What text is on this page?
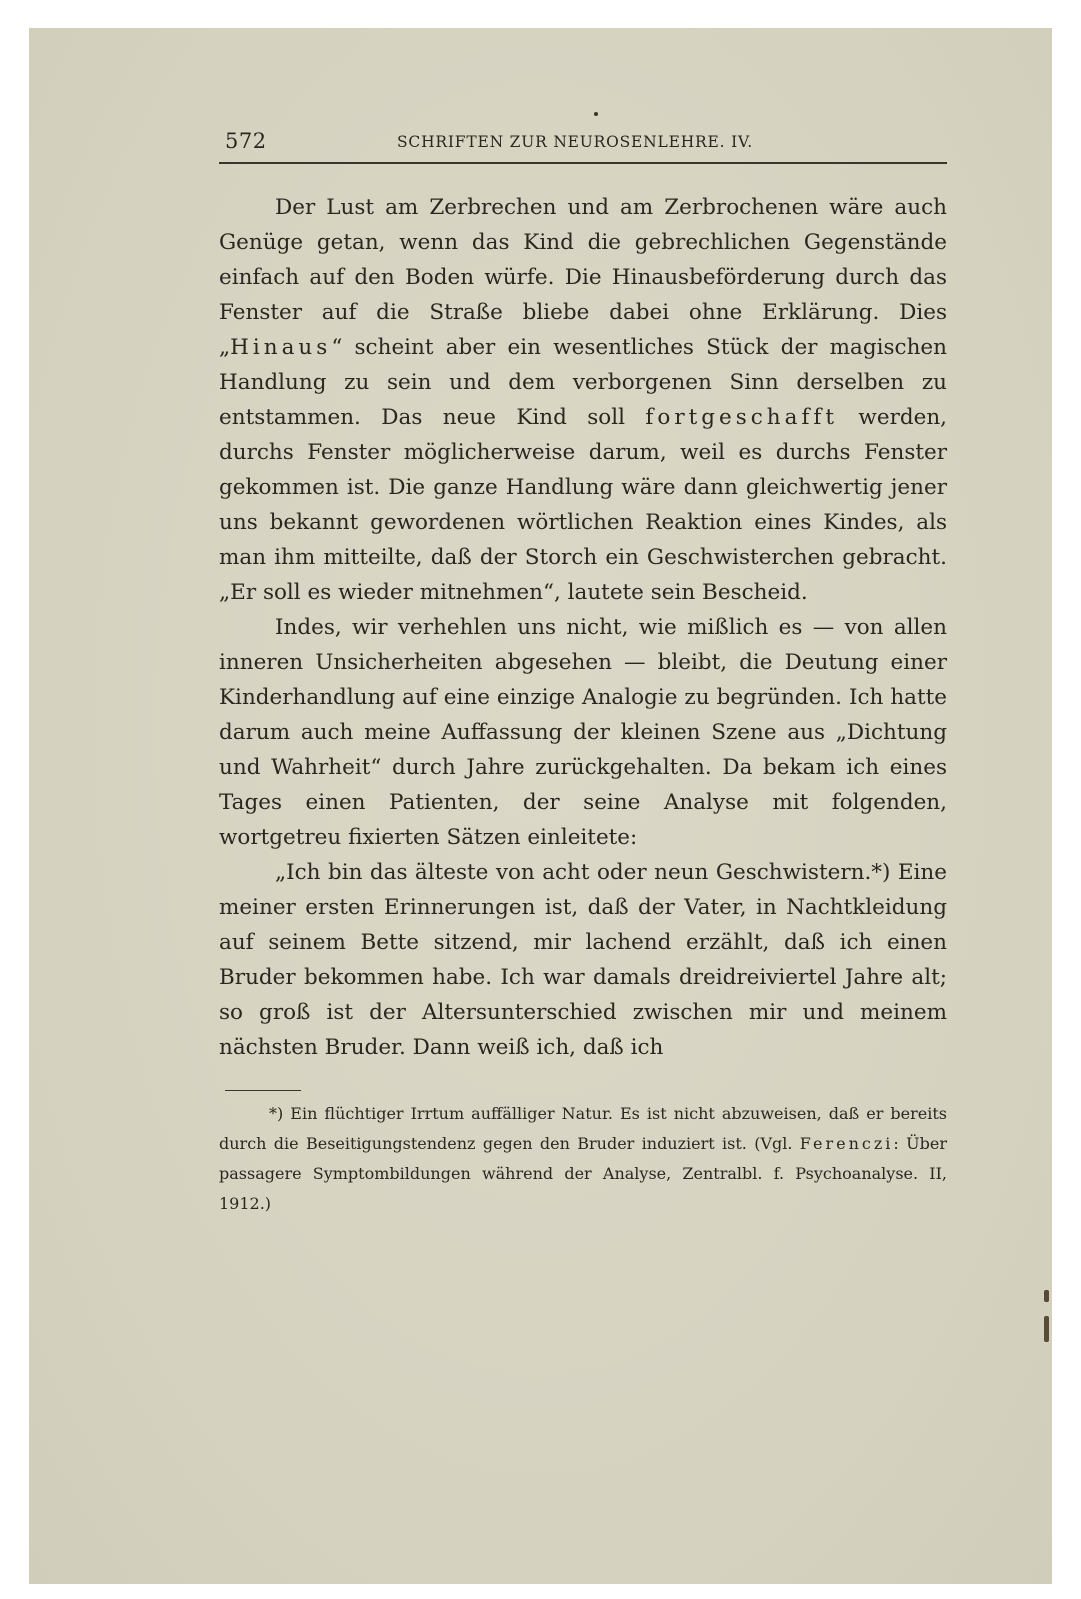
572	SCHRIFTEN ZUR NEUROSENLEHRE. IV.

Der Lust am Zerbrechen und am Zerbrochenen wäre auch Genüge getan, wenn das Kind die gebrechlichen Gegenstände einfach auf den Boden würfe. Die Hinausbeförderung durch das Fenster auf die Straße bliebe dabei ohne Erklärung. Dies „Hinaus“ scheint aber ein wesentliches Stück der magischen Handlung zu sein und dem verborgenen Sinn derselben zu entstammen. Das neue Kind soll fortgeschafft werden, durchs Fenster möglicherweise darum, weil es durchs Fenster gekommen ist. Die ganze Handlung wäre dann gleichwertig jener uns bekannt gewordenen wörtlichen Reaktion eines Kindes, als man ihm mitteilte, daß der Storch ein Geschwisterchen gebracht. „Er soll es wieder mitnehmen“, lautete sein Bescheid.

Indes, wir verhehlen uns nicht, wie mißlich es — von allen inneren Unsicherheiten abgesehen — bleibt, die Deutung einer Kinderhandlung auf eine einzige Analogie zu begründen. Ich hatte darum auch meine Auffassung der kleinen Szene aus „Dichtung und Wahrheit“ durch Jahre zurückgehalten. Da bekam ich eines Tages einen Patienten, der seine Analyse mit folgenden, wortgetreu fixierten Sätzen einleitete:

„Ich bin das älteste von acht oder neun Geschwistern.*) Eine meiner ersten Erinnerungen ist, daß der Vater, in Nachtkleidung auf seinem Bette sitzend, mir lachend erzählt, daß ich einen Bruder bekommen habe. Ich war damals dreidreiviertel Jahre alt; so groß ist der Altersunterschied zwischen mir und meinem nächsten Bruder. Dann weiß ich, daß ich

*) Ein flüchtiger Irrtum auffälliger Natur. Es ist nicht abzuweisen, daß er bereits durch die Beseitigungstendenz gegen den Bruder induziert ist. (Vgl. Ferenczi: Über passagere Symptombildungen während der Analyse, Zentralbl. f. Psychoanalyse. II, 1912.)
